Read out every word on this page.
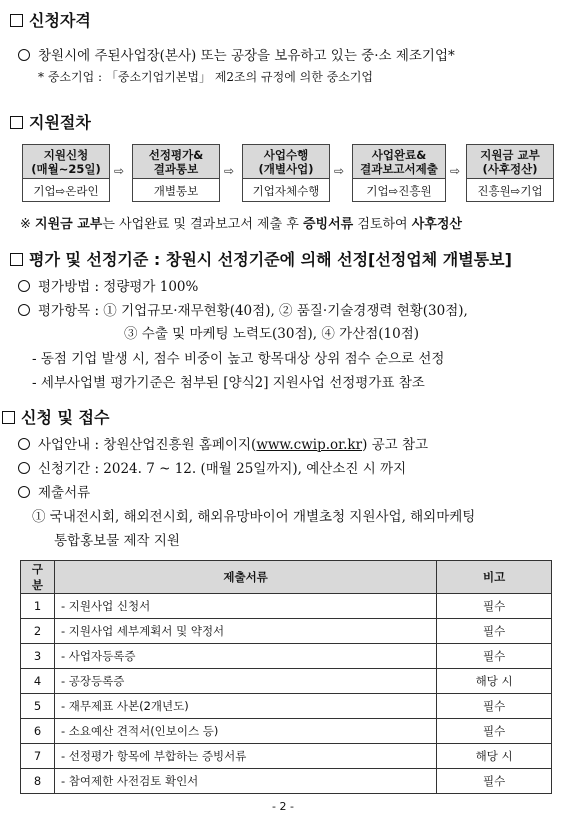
신청자격
창원시에 주된사업장(본사) 또는 공장을 보유하고 있는 중·소 제조기업*
* 중소기업 : 「중소기업기본법」 제2조의 규정에 의한 중소기업
지원절차
지원신청
(매월~25일)
기업⇨온라인
⇨
선정평가&
결과통보
개별통보
⇨
사업수행
(개별사업)
기업자체수행
⇨
사업완료&
결과보고서제출
기업⇨진흥원
⇨
지원금 교부
(사후정산)
진흥원⇨기업
※ 지원금 교부는 사업완료 및 결과보고서 제출 후 증빙서류 검토하여 사후정산
평가 및 선정기준 : 창원시 선정기준에 의해 선정[선정업체 개별통보]
평가방법 : 정량평가 100%
평가항목 : ① 기업규모·재무현황(40점), ② 품질·기술경쟁력 현황(30점),
③ 수출 및 마케팅 노력도(30점), ④ 가산점(10점)
- 동점 기업 발생 시, 점수 비중이 높고 항목대상 상위 점수 순으로 선정
- 세부사업별 평가기준은 첨부된 [양식2] 지원사업 선정평가표 참조
신청 및 접수
사업안내 : 창원산업진흥원 홈페이지(www.cwip.or.kr) 공고 참고
신청기간 : 2024. 7 ~ 12. (매월 25일까지), 예산소진 시 까지
제출서류
① 국내전시회, 해외전시회, 해외유망바이어 개별초청 지원사업, 해외마케팅
통합홍보물 제작 지원
구분	제출서류	비고
1	- 지원사업 신청서	필수
2	- 지원사업 세부계획서 및 약정서	필수
3	- 사업자등록증	필수
4	- 공장등록증	해당 시
5	- 재무제표 사본(2개년도)	필수
6	- 소요예산 견적서(인보이스 등)	필수
7	- 선정평가 항목에 부합하는 증빙서류	해당 시
8	- 참여제한 사전검토 확인서	필수
- 2 -
